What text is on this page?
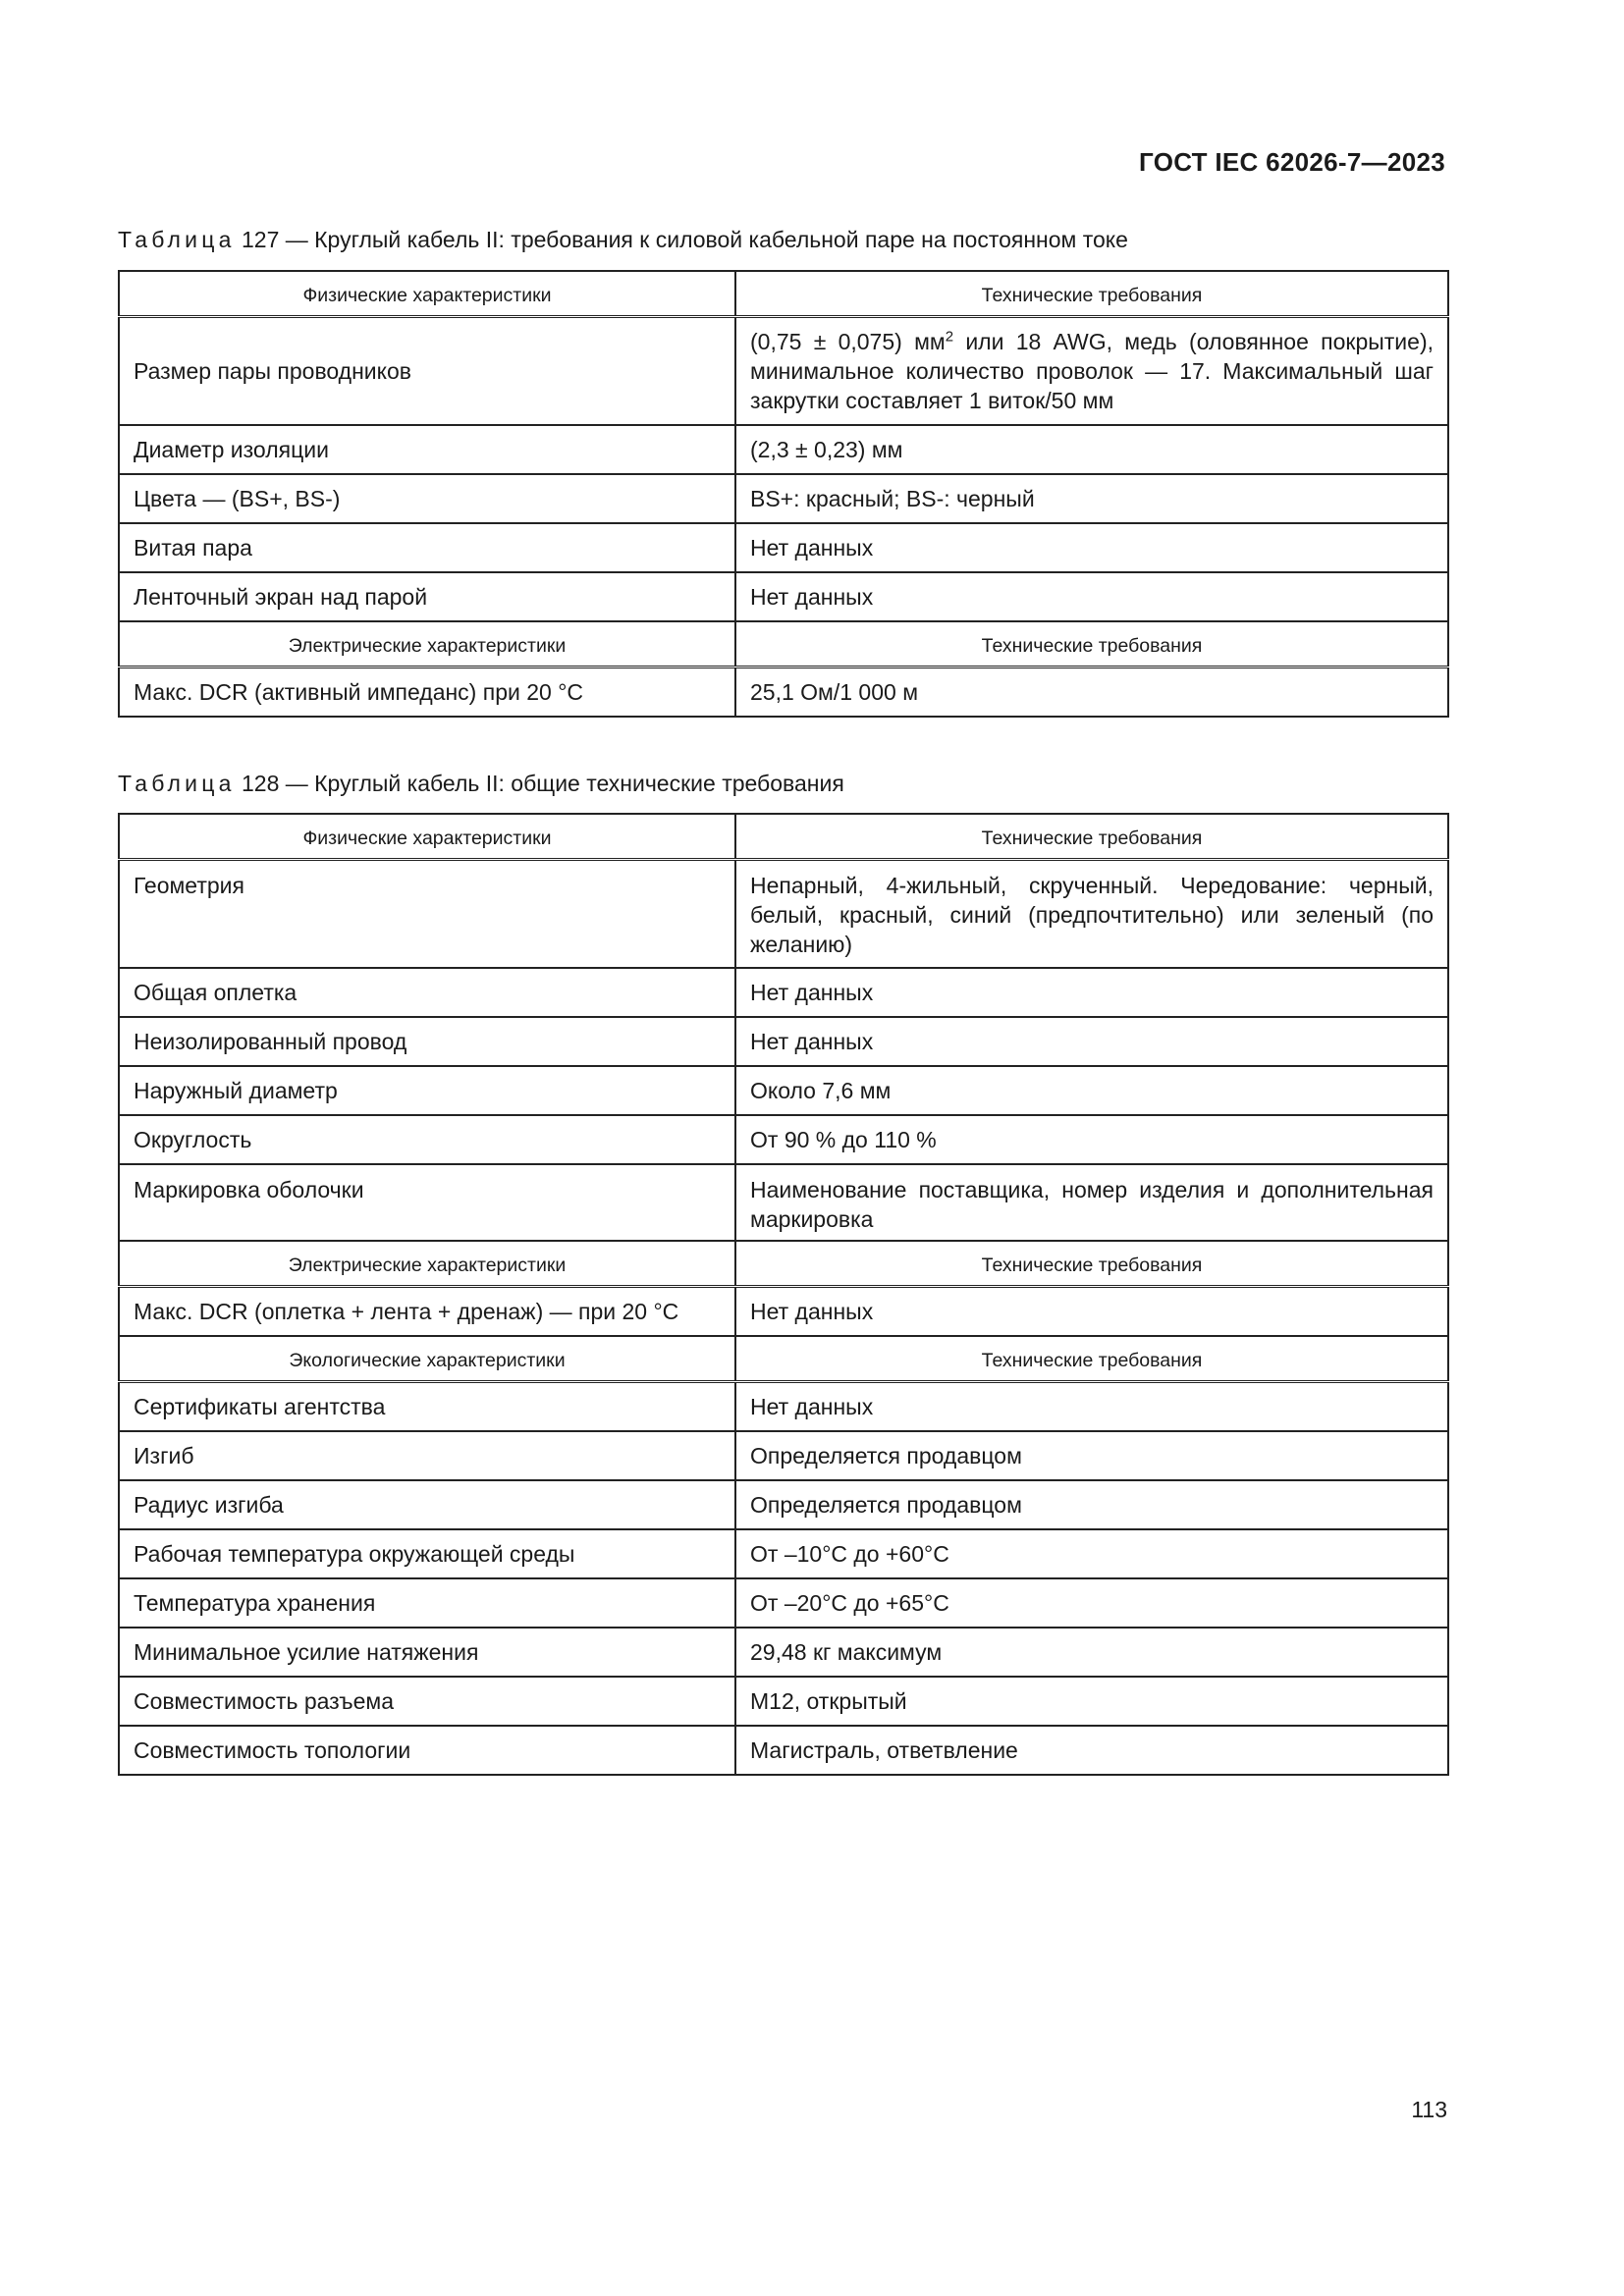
ГОСТ IEC 62026-7—2023
Таблица 127 — Круглый кабель II: требования к силовой кабельной паре на постоянном токе
Физические характеристики	Технические требования
Размер пары проводников	(0,75 ± 0,075) $мм^2$ или 18 AWG, медь (оловянное покрытие), минимальное количество проволок — 17. Максимальный шаг закрутки составляет 1 виток/50 мм
Диаметр изоляции	(2,3 ± 0,23) мм
Цвета — (BS+, BS-)	BS+: красный; BS-: черный
Витая пара	Нет данных
Ленточный экран над парой	Нет данных
Электрические характеристики	Технические требования
Макс. DCR (активный импеданс) при 20 °C	25,1 Ом/1 000 м
Таблица 128 — Круглый кабель II: общие технические требования
Физические характеристики	Технические требования
Геометрия	Непарный, 4-жильный, скрученный. Чередование: черный, белый, красный, синий (предпочтительно) или зеленый (по желанию)
Общая оплетка	Нет данных
Неизолированный провод	Нет данных
Наружный диаметр	Около 7,6 мм
Округлость	От 90 % до 110 %
Маркировка оболочки	Наименование поставщика, номер изделия и дополнительная маркировка
Электрические характеристики	Технические требования
Макс. DCR (оплетка + лента + дренаж) — при 20 °C	Нет данных
Экологические характеристики	Технические требования
Сертификаты агентства	Нет данных
Изгиб	Определяется продавцом
Радиус изгиба	Определяется продавцом
Рабочая температура окружающей среды	От –10°C до +60°C
Температура хранения	От –20°C до +65°C
Минимальное усилие натяжения	29,48 кг максимум
Совместимость разъема	M12, открытый
Совместимость топологии	Магистраль, ответвление
113
